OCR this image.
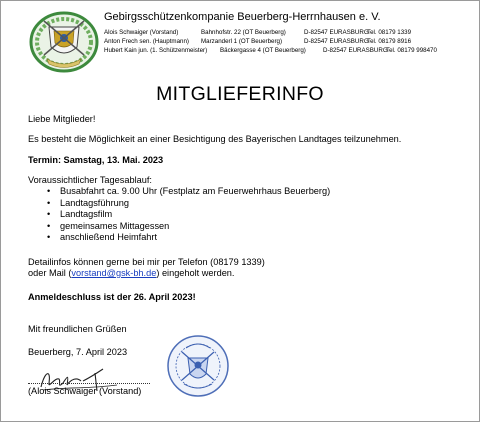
Gebirgsschützenkompanie Beuerberg-Herrnhausen e. V.
Alois Schwaiger (Vorstand)	Bahnhofstr. 22 (OT Beuerberg)	D-82547 EURASBURGTel. 08179 1339
Anton Frech sen. (Hauptmann) Marzanderl 1 (OT Beuerberg)	D-82547 EURASBURGTel. 08179 8916
Hubert Kain jun. (1. Schützenmeister) Bäckergasse 4 (OT Beuerberg)	D-82547 EURASBURGTel. 08179 998470
MITGLIEFERINFO
Liebe Mitglieder!
Es besteht die Möglichkeit an einer Besichtigung des Bayerischen Landtages teilzunehmen.
Termin: Samstag, 13. Mai. 2023
Voraussichtlicher Tagesablauf:
• Busabfahrt ca. 9.00 Uhr (Festplatz am Feuerwehrhaus Beuerberg)
• Landtagsführung
• Landtagsfilm
• gemeinsames Mittagessen
• anschließend Heimfahrt
Detailinfos können gerne bei mir per Telefon (08179 1339)
oder Mail (vorstand@gsk-bh.de) eingeholt werden.
Anmeldeschluss ist der 26. April 2023!
Mit freundlichen Grüßen
Beuerberg, 7. April 2023
(Alois Schwaiger (Vorstand)
